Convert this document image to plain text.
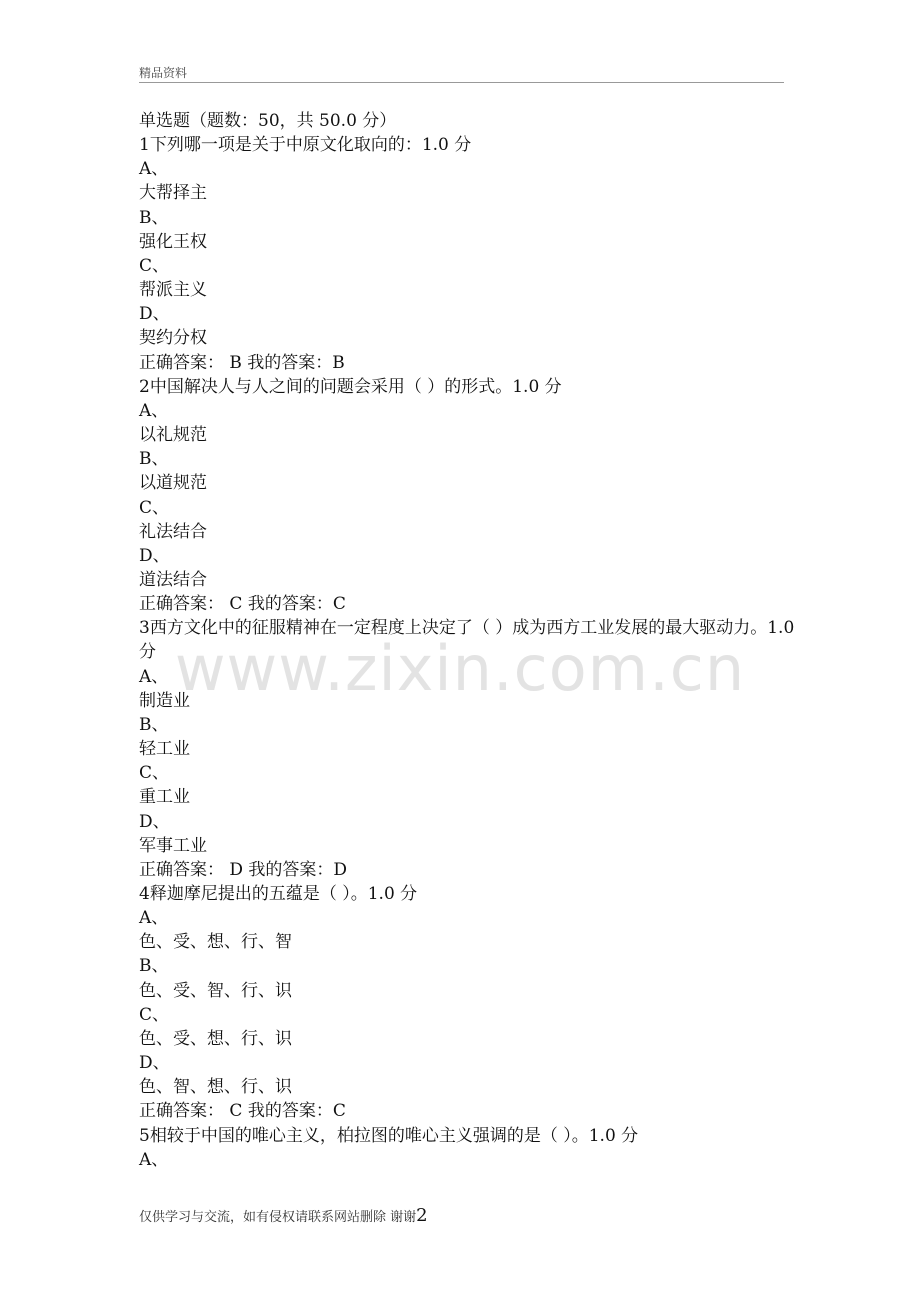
精品资料
www.zixin.com.cn
单选题（题数：50，共 50.0 分）
1下列哪一项是关于中原文化取向的：1.0 分
A、
大帮择主
B、
强化王权
C、
帮派主义
D、
契约分权
正确答案： B 我的答案：B
2中国解决人与人之间的问题会采用（ ）的形式。1.0 分
A、
以礼规范
B、
以道规范
C、
礼法结合
D、
道法结合
正确答案： C 我的答案：C
3西方文化中的征服精神在一定程度上决定了（ ）成为西方工业发展的最大驱动力。1.0 分
A、
制造业
B、
轻工业
C、
重工业
D、
军事工业
正确答案： D 我的答案：D
4释迦摩尼提出的五蕴是（ ）。1.0 分
A、
色、受、想、行、智
B、
色、受、智、行、识
C、
色、受、想、行、识
D、
色、智、想、行、识
正确答案： C 我的答案：C
5相较于中国的唯心主义，柏拉图的唯心主义强调的是（ ）。1.0 分
A、
仅供学习与交流，如有侵权请联系网站删除 谢谢2
